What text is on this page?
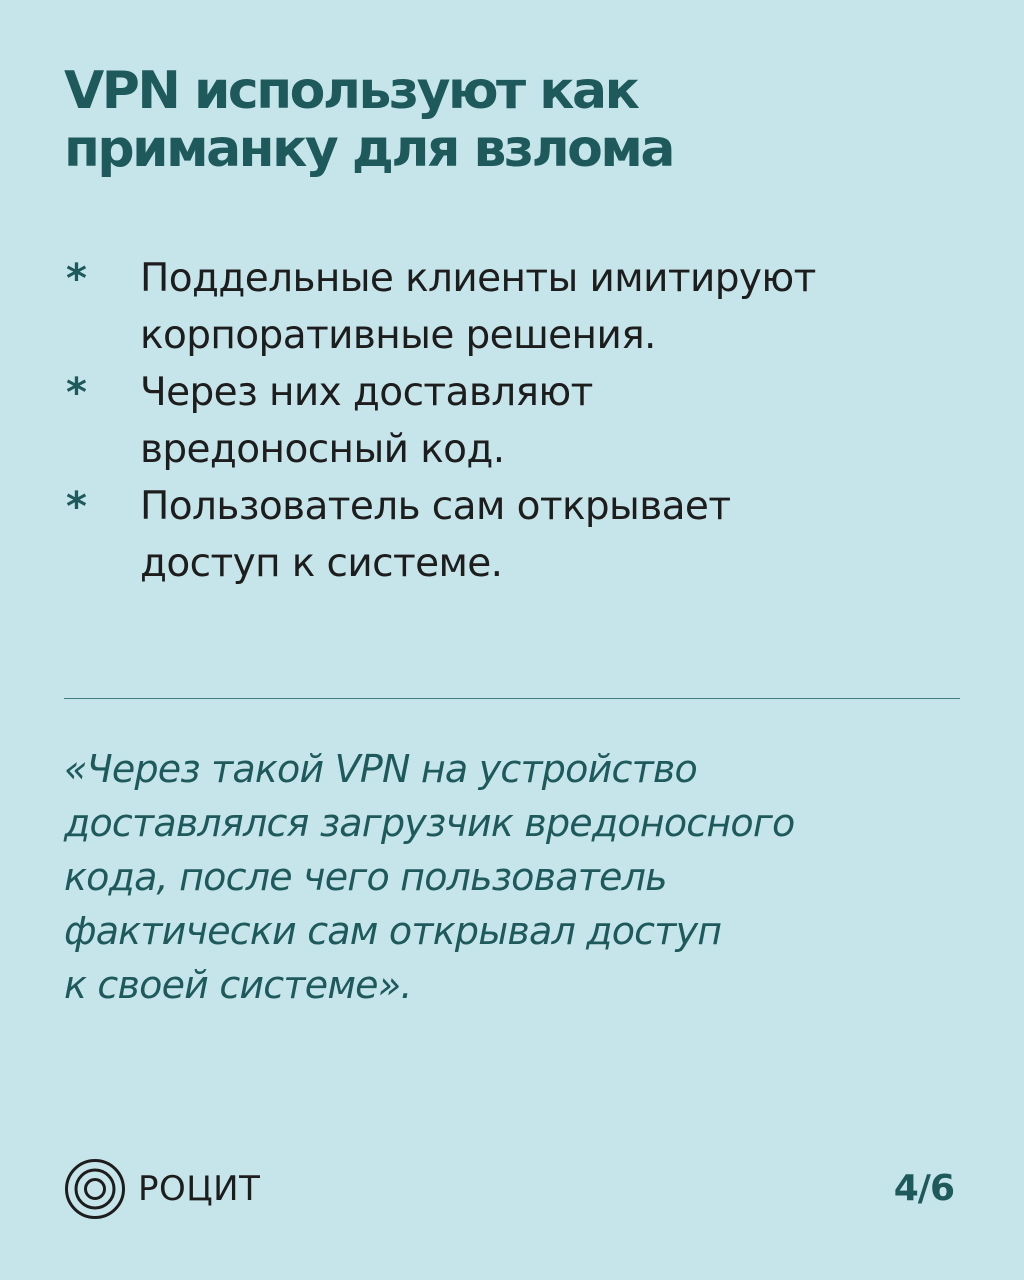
VPN используют как
приманку для взлома
*	Поддельные клиенты имитируют
корпоративные решения.
*	Через них доставляют
вредоносный код.
*	Пользователь сам открывает
доступ к системе.
«Через такой VPN на устройство
доставлялся загрузчик вредоносного
кода, после чего пользователь
фактически сам открывал доступ
к своей системе».
РОЦИТ	4/6
